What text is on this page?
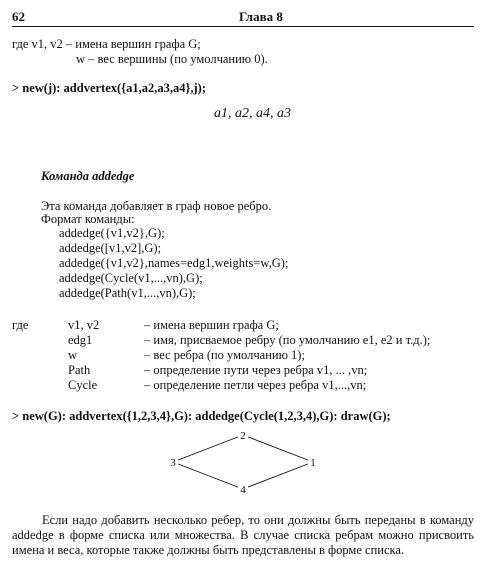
62	Глава 8
где v1, v2 – имена вершин графа G;
w – вес вершины (по умолчанию 0).
> new(j): addvertex({a1,a2,a3,a4},j);
a1, a2, a4, a3
Команда addedge
Эта команда добавляет в граф новое ребро.
Формат команды:
addedge({v1,v2},G);
addedge([v1,v2],G);
addedge({v1,v2},names=edg1,weights=w,G);
addedge(Cycle(v1,...,vn),G);
addedge(Path(v1,...,vn),G);
где	v1, v2	– имена вершин графа G;
edg1	– имя, присваемое ребру (по умолчанию e1, e2 и т.д.);
w	– вес ребра (по умолчанию 1);
Path	– определение пути через ребра v1, ... ,vn;
Cycle	– определение петли через ребра v1,...,vn;
> new(G): addvertex({1,2,3,4},G): addedge(Cycle(1,2,3,4),G): draw(G);
1
2
3
4
Если надо добавить несколько ребер, то они должны быть переданы в команду addedge в форме списка или множества. В случае списка ребрам можно присвоить имена и веса, которые также должны быть представлены в форме списка.
